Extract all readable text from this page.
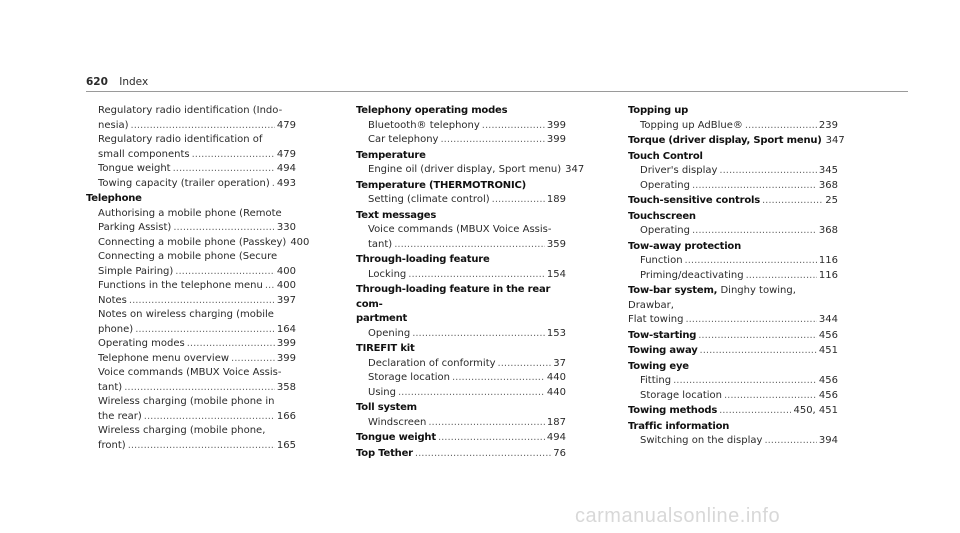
620 Index
Regulatory radio identification (Indo-
nesia) .....	479
Regulatory radio identification of
small components .....	479
Tongue weight .....	494
Towing capacity (trailer operation) ..... 493
Telephone
Authorising a mobile phone (Remote
Parking Assist) .....	330
Connecting a mobile phone (Passkey) 400
Connecting a mobile phone (Secure
Simple Pairing) .....	400
Functions in the telephone menu ..... 400
Notes .....	397
Notes on wireless charging (mobile
phone) .....	164
Operating modes .....	399
Telephone menu overview .....	399
Voice commands (MBUX Voice Assis-
tant) .....	358
Wireless charging (mobile phone in
the rear) .....	166
Wireless charging (mobile phone,
front) .....	165
Telephony operating modes
Bluetooth® telephony .....	399
Car telephony .....	399
Temperature
Engine oil (driver display, Sport menu) 347
Temperature (THERMOTRONIC)
Setting (climate control) .....	189
Text messages
Voice commands (MBUX Voice Assis-
tant) .....	359
Through-loading feature
Locking .....	154
Through-loading feature in the rear com-
partment
Opening .....	153
TIREFIT kit
Declaration of conformity .....	37
Storage location .....	440
Using .....	440
Toll system
Windscreen .....	187
Tongue weight .....	494
Top Tether .....	76
Topping up
Topping up AdBlue® .....	239
Torque (driver display, Sport menu) 347
Touch Control
Driver's display .....	345
Operating .....	368
Touch-sensitive controls .....	25
Touchscreen
Operating .....	368
Tow-away protection
Function .....	116
Priming/deactivating .....	116
Tow-bar system, Dinghy towing, Drawbar,
Flat towing .....	344
Tow-starting .....	456
Towing away .....	451
Towing eye
Fitting .....	456
Storage location .....	456
Towing methods .....	450, 451
Traffic information
Switching on the display .....	394
carmanualsonline.info
